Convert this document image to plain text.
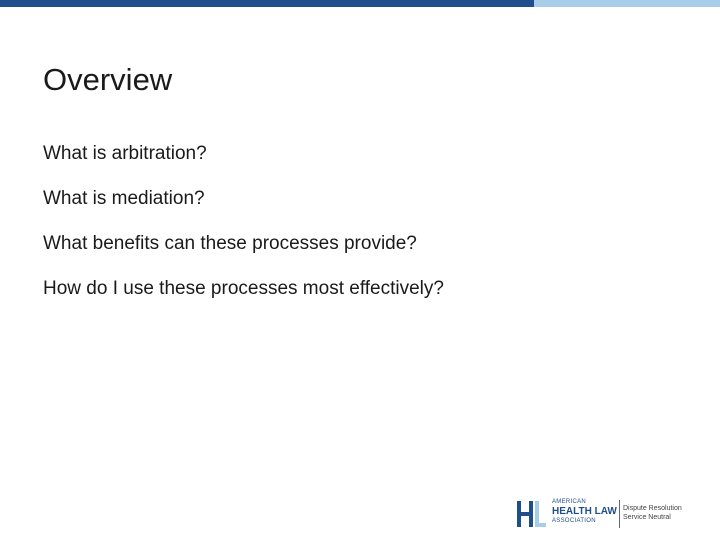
Overview
What is arbitration?
What is mediation?
What benefits can these processes provide?
How do I use these processes most effectively?
AMERICAN
HEALTH LAW
ASSOCIATION
Dispute Resolution
Service Neutral
